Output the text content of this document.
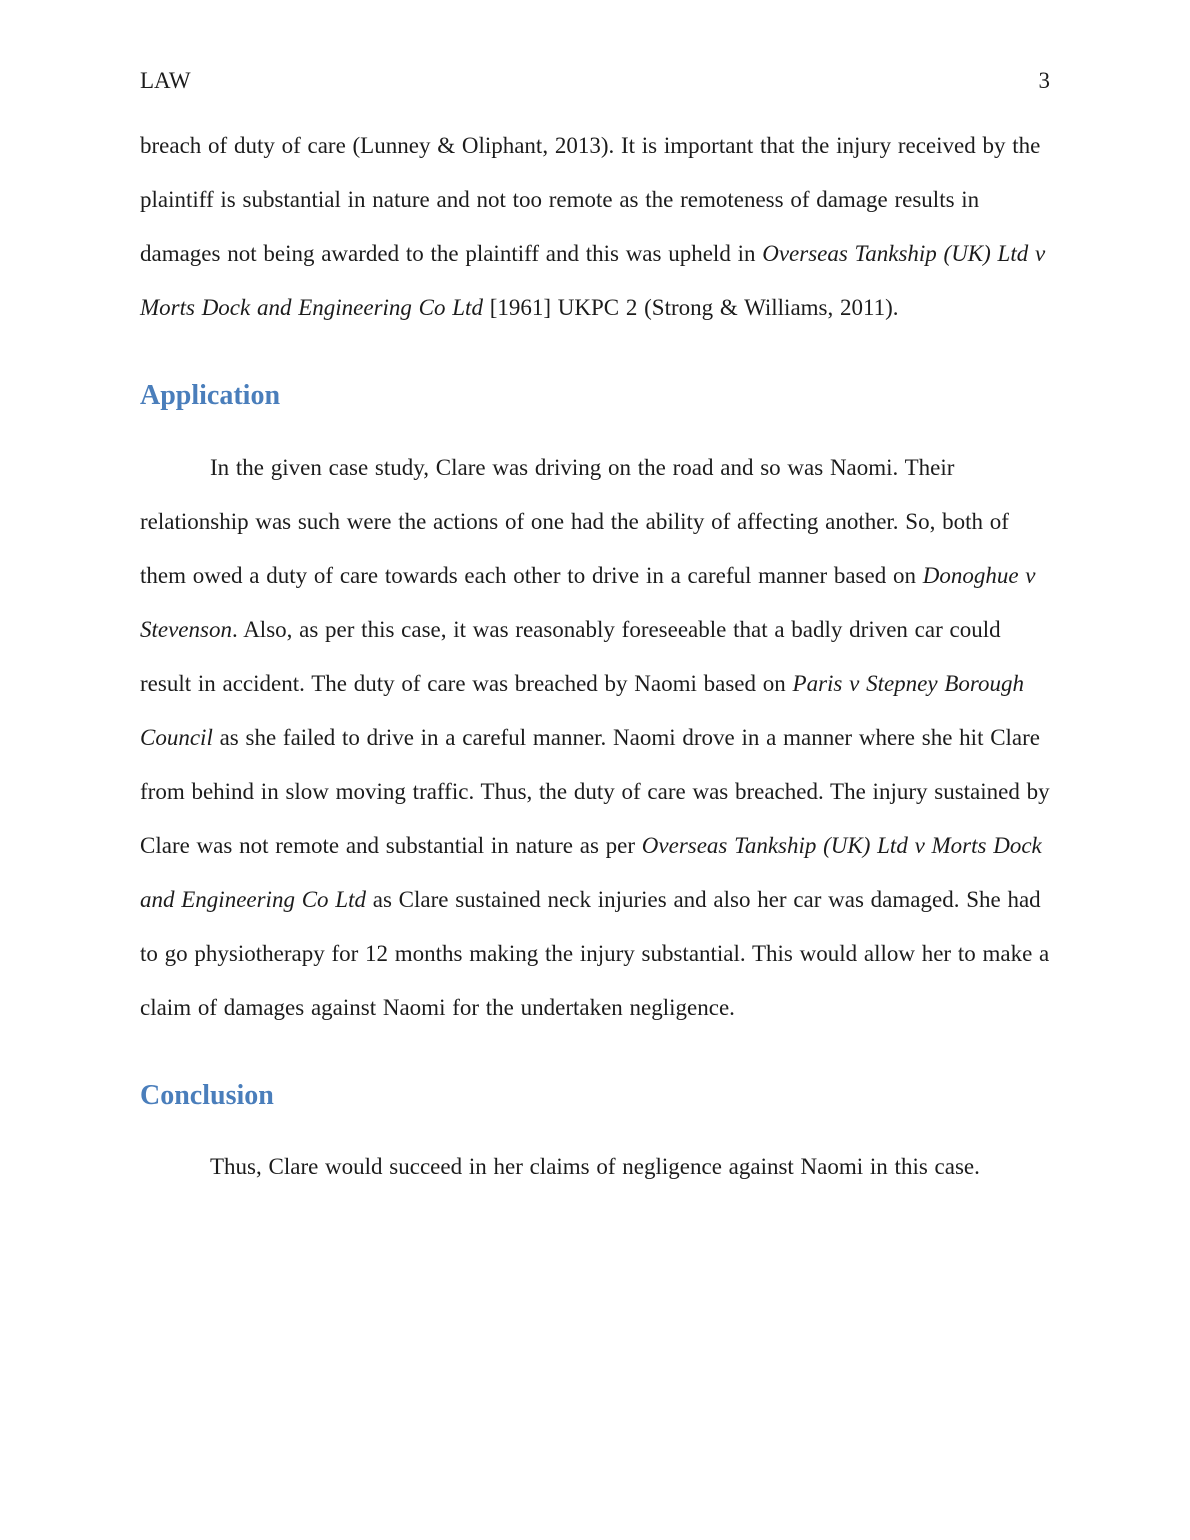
LAW	3

breach of duty of care (Lunney & Oliphant, 2013). It is important that the injury received by the plaintiff is substantial in nature and not too remote as the remoteness of damage results in damages not being awarded to the plaintiff and this was upheld in Overseas Tankship (UK) Ltd v Morts Dock and Engineering Co Ltd [1961] UKPC 2 (Strong & Williams, 2011).

Application

In the given case study, Clare was driving on the road and so was Naomi. Their relationship was such were the actions of one had the ability of affecting another. So, both of them owed a duty of care towards each other to drive in a careful manner based on Donoghue v Stevenson. Also, as per this case, it was reasonably foreseeable that a badly driven car could result in accident. The duty of care was breached by Naomi based on Paris v Stepney Borough Council as she failed to drive in a careful manner. Naomi drove in a manner where she hit Clare from behind in slow moving traffic. Thus, the duty of care was breached. The injury sustained by Clare was not remote and substantial in nature as per Overseas Tankship (UK) Ltd v Morts Dock and Engineering Co Ltd as Clare sustained neck injuries and also her car was damaged. She had to go physiotherapy for 12 months making the injury substantial. This would allow her to make a claim of damages against Naomi for the undertaken negligence.

Conclusion

Thus, Clare would succeed in her claims of negligence against Naomi in this case.
